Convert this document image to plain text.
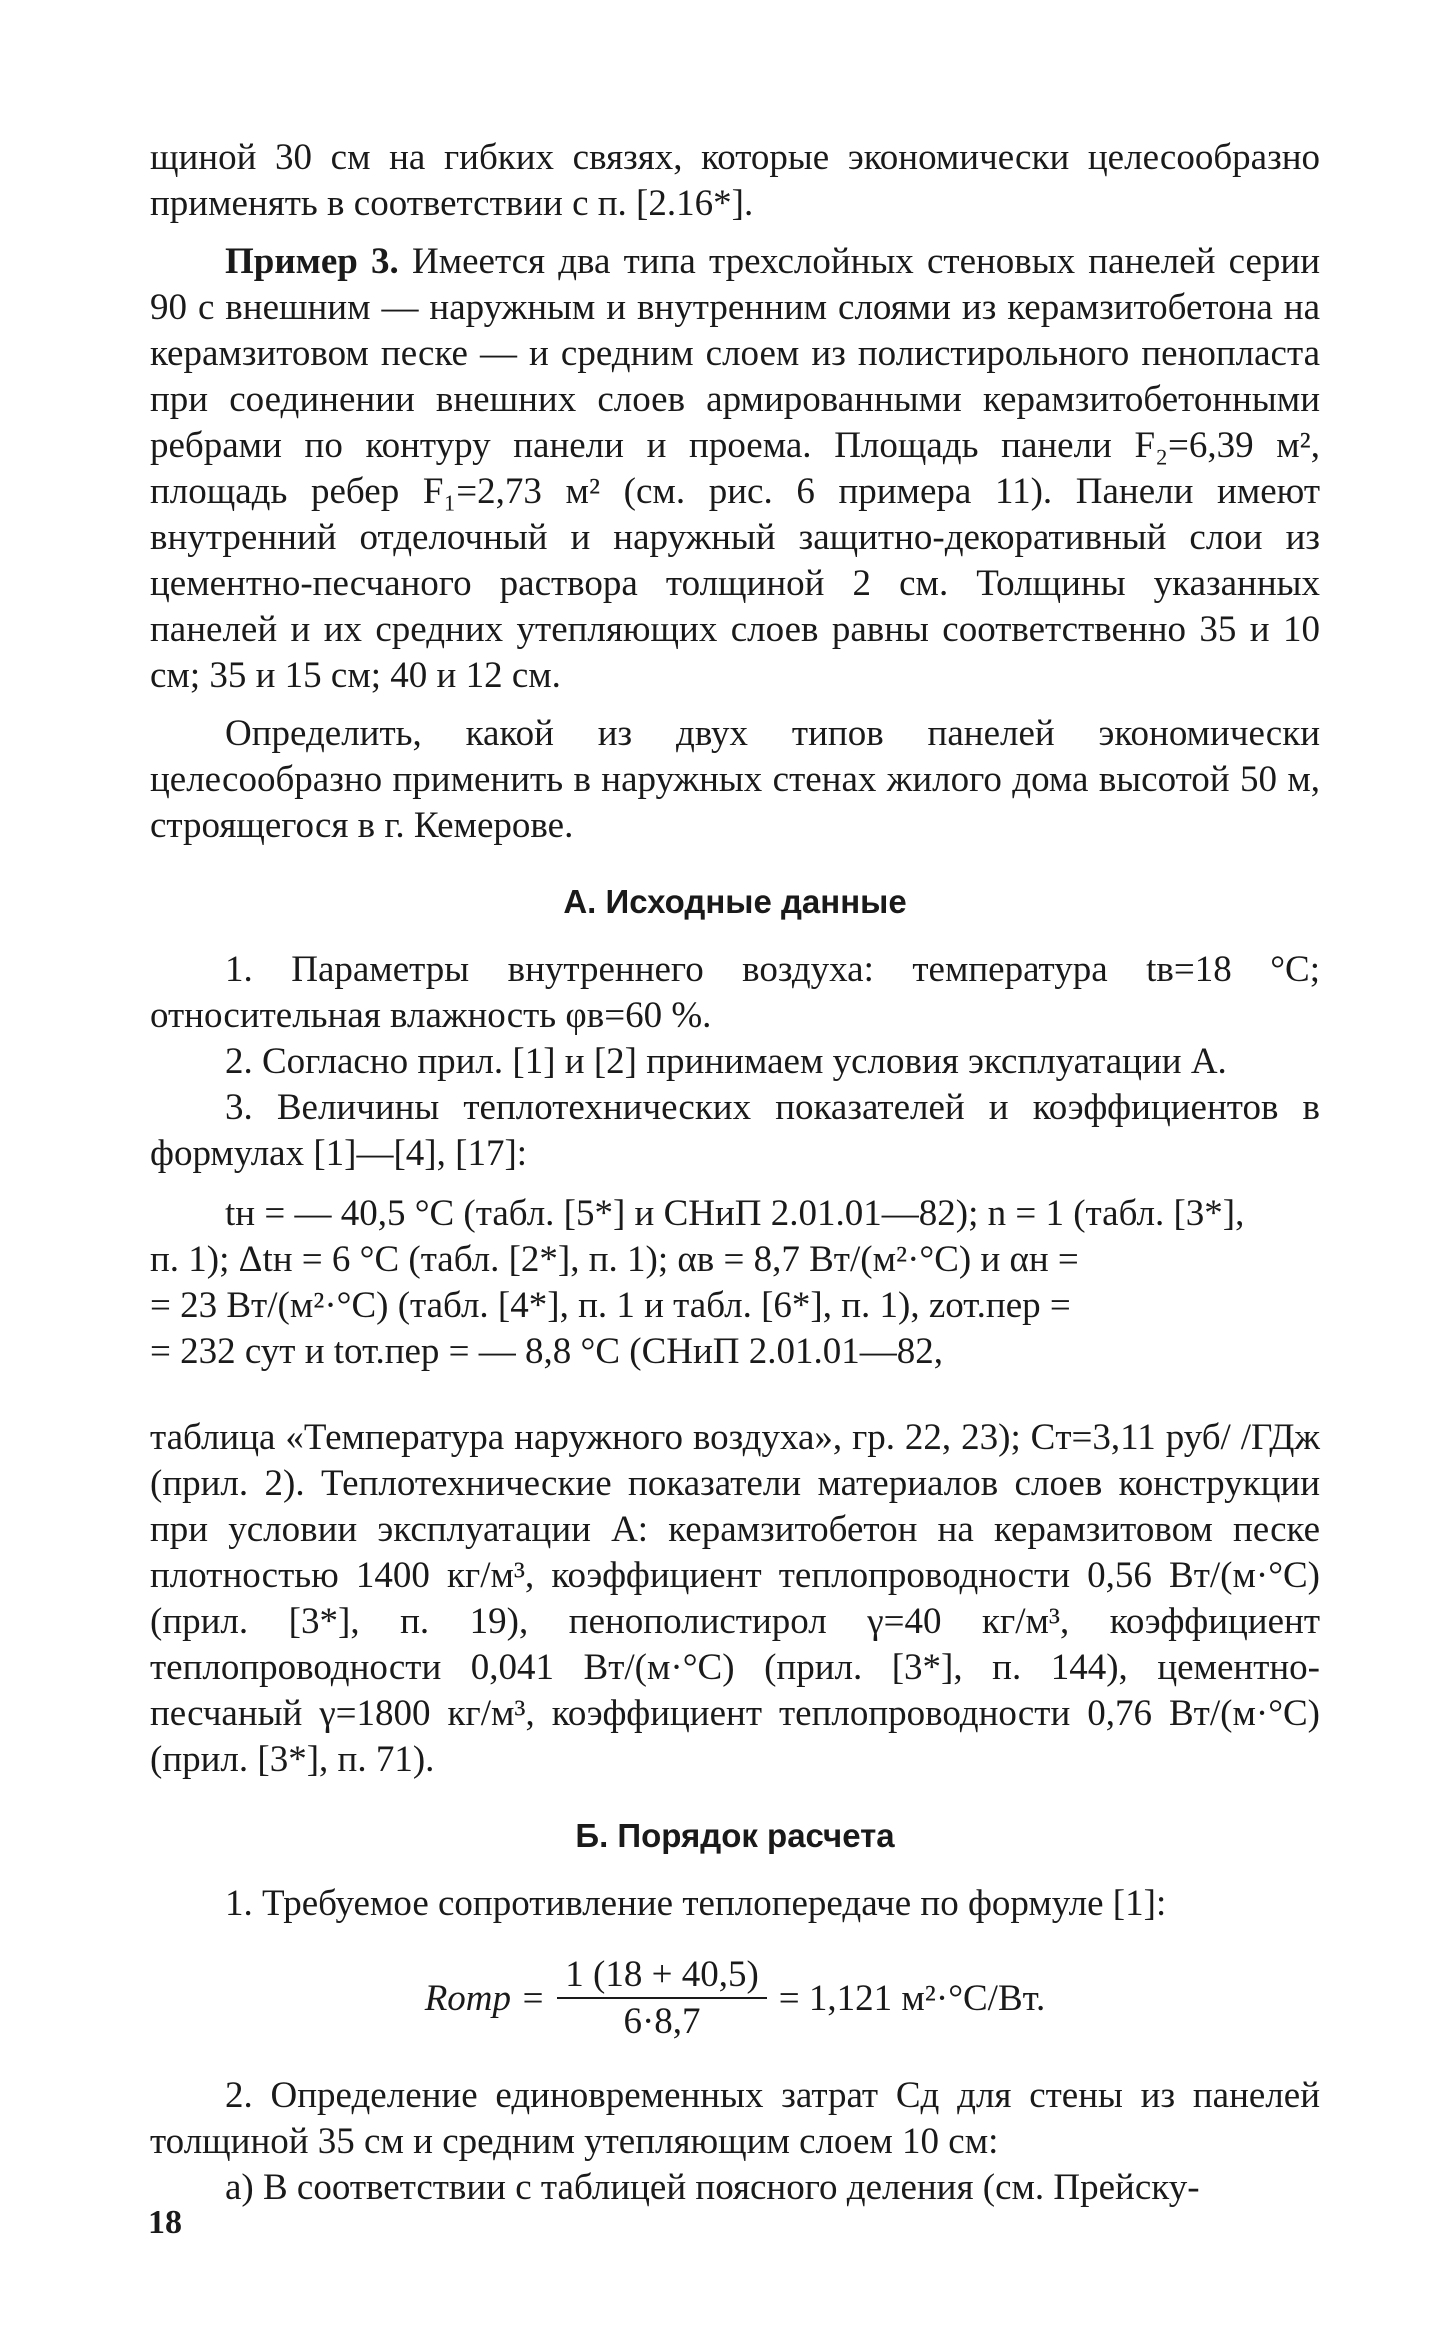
щиной 30 см на гибких связях, которые экономически целесообразно применять в соответствии с п. [2.16*].

Пример 3. Имеется два типа трехслойных стеновых панелей серии 90 с внешним — наружным и внутренним слоями из керамзитобетона на керамзитовом песке — и средним слоем из полистирольного пенопласта при соединении внешних слоев армированными керамзитобетонными ребрами по контуру панели и проема. Площадь панели F₂=6,39 м², площадь ребер F₁=2,73 м² (см. рис. 6 примера 11). Панели имеют внутренний отделочный и наружный защитно-декоративный слои из цементно-песчаного раствора толщиной 2 см. Толщины указанных панелей и их средних утепляющих слоев равны соответственно 35 и 10 см; 35 и 15 см; 40 и 12 см.

Определить, какой из двух типов панелей экономически целесообразно применить в наружных стенах жилого дома высотой 50 м, строящегося в г. Кемерове.

А. Исходные данные

1. Параметры внутреннего воздуха: температура tв=18 °С; относительная влажность φв=60 %.

2. Согласно прил. [1] и [2] принимаем условия эксплуатации А.

3. Величины теплотехнических показателей и коэффициентов в формулах [1]—[4], [17]:

tн = — 40,5 °С (табл. [5*] и СНиП 2.01.01—82); n = 1 (табл. [3*],

п. 1); Δtн = 6 °С (табл. [2*], п. 1); αв = 8,7 Вт/(м²·°С) и αн =

= 23 Вт/(м²·°С) (табл. [4*], п. 1 и табл. [6*], п. 1), zот.пер =

= 232 сут и tот.пер = — 8,8 °С (СНиП 2.01.01—82,

таблица «Температура наружного воздуха», гр. 22, 23); Cт=3,11 руб/ /ГДж (прил. 2). Теплотехнические показатели материалов слоев конструкции при условии эксплуатации А: керамзитобетон на керамзитовом песке плотностью 1400 кг/м³, коэффициент теплопроводности 0,56 Вт/(м·°С) (прил. [3*], п. 19), пенополистирол γ=40 кг/м³, коэффициент теплопроводности 0,041 Вт/(м·°С) (прил. [3*], п. 144), цементно-песчаный γ=1800 кг/м³, коэффициент теплопроводности 0,76 Вт/(м·°С) (прил. [3*], п. 71).

Б. Порядок расчета

1. Требуемое сопротивление теплопередаче по формуле [1]:

Rотр = $\frac{1 (18 + 40,5)}{6\cdot 8,7} = 1,121$ м²·°С/Вт.

2. Определение единовременных затрат Cд для стены из панелей толщиной 35 см и средним утепляющим слоем 10 см:

а) В соответствии с таблицей поясного деления (см. Прейску-

18
